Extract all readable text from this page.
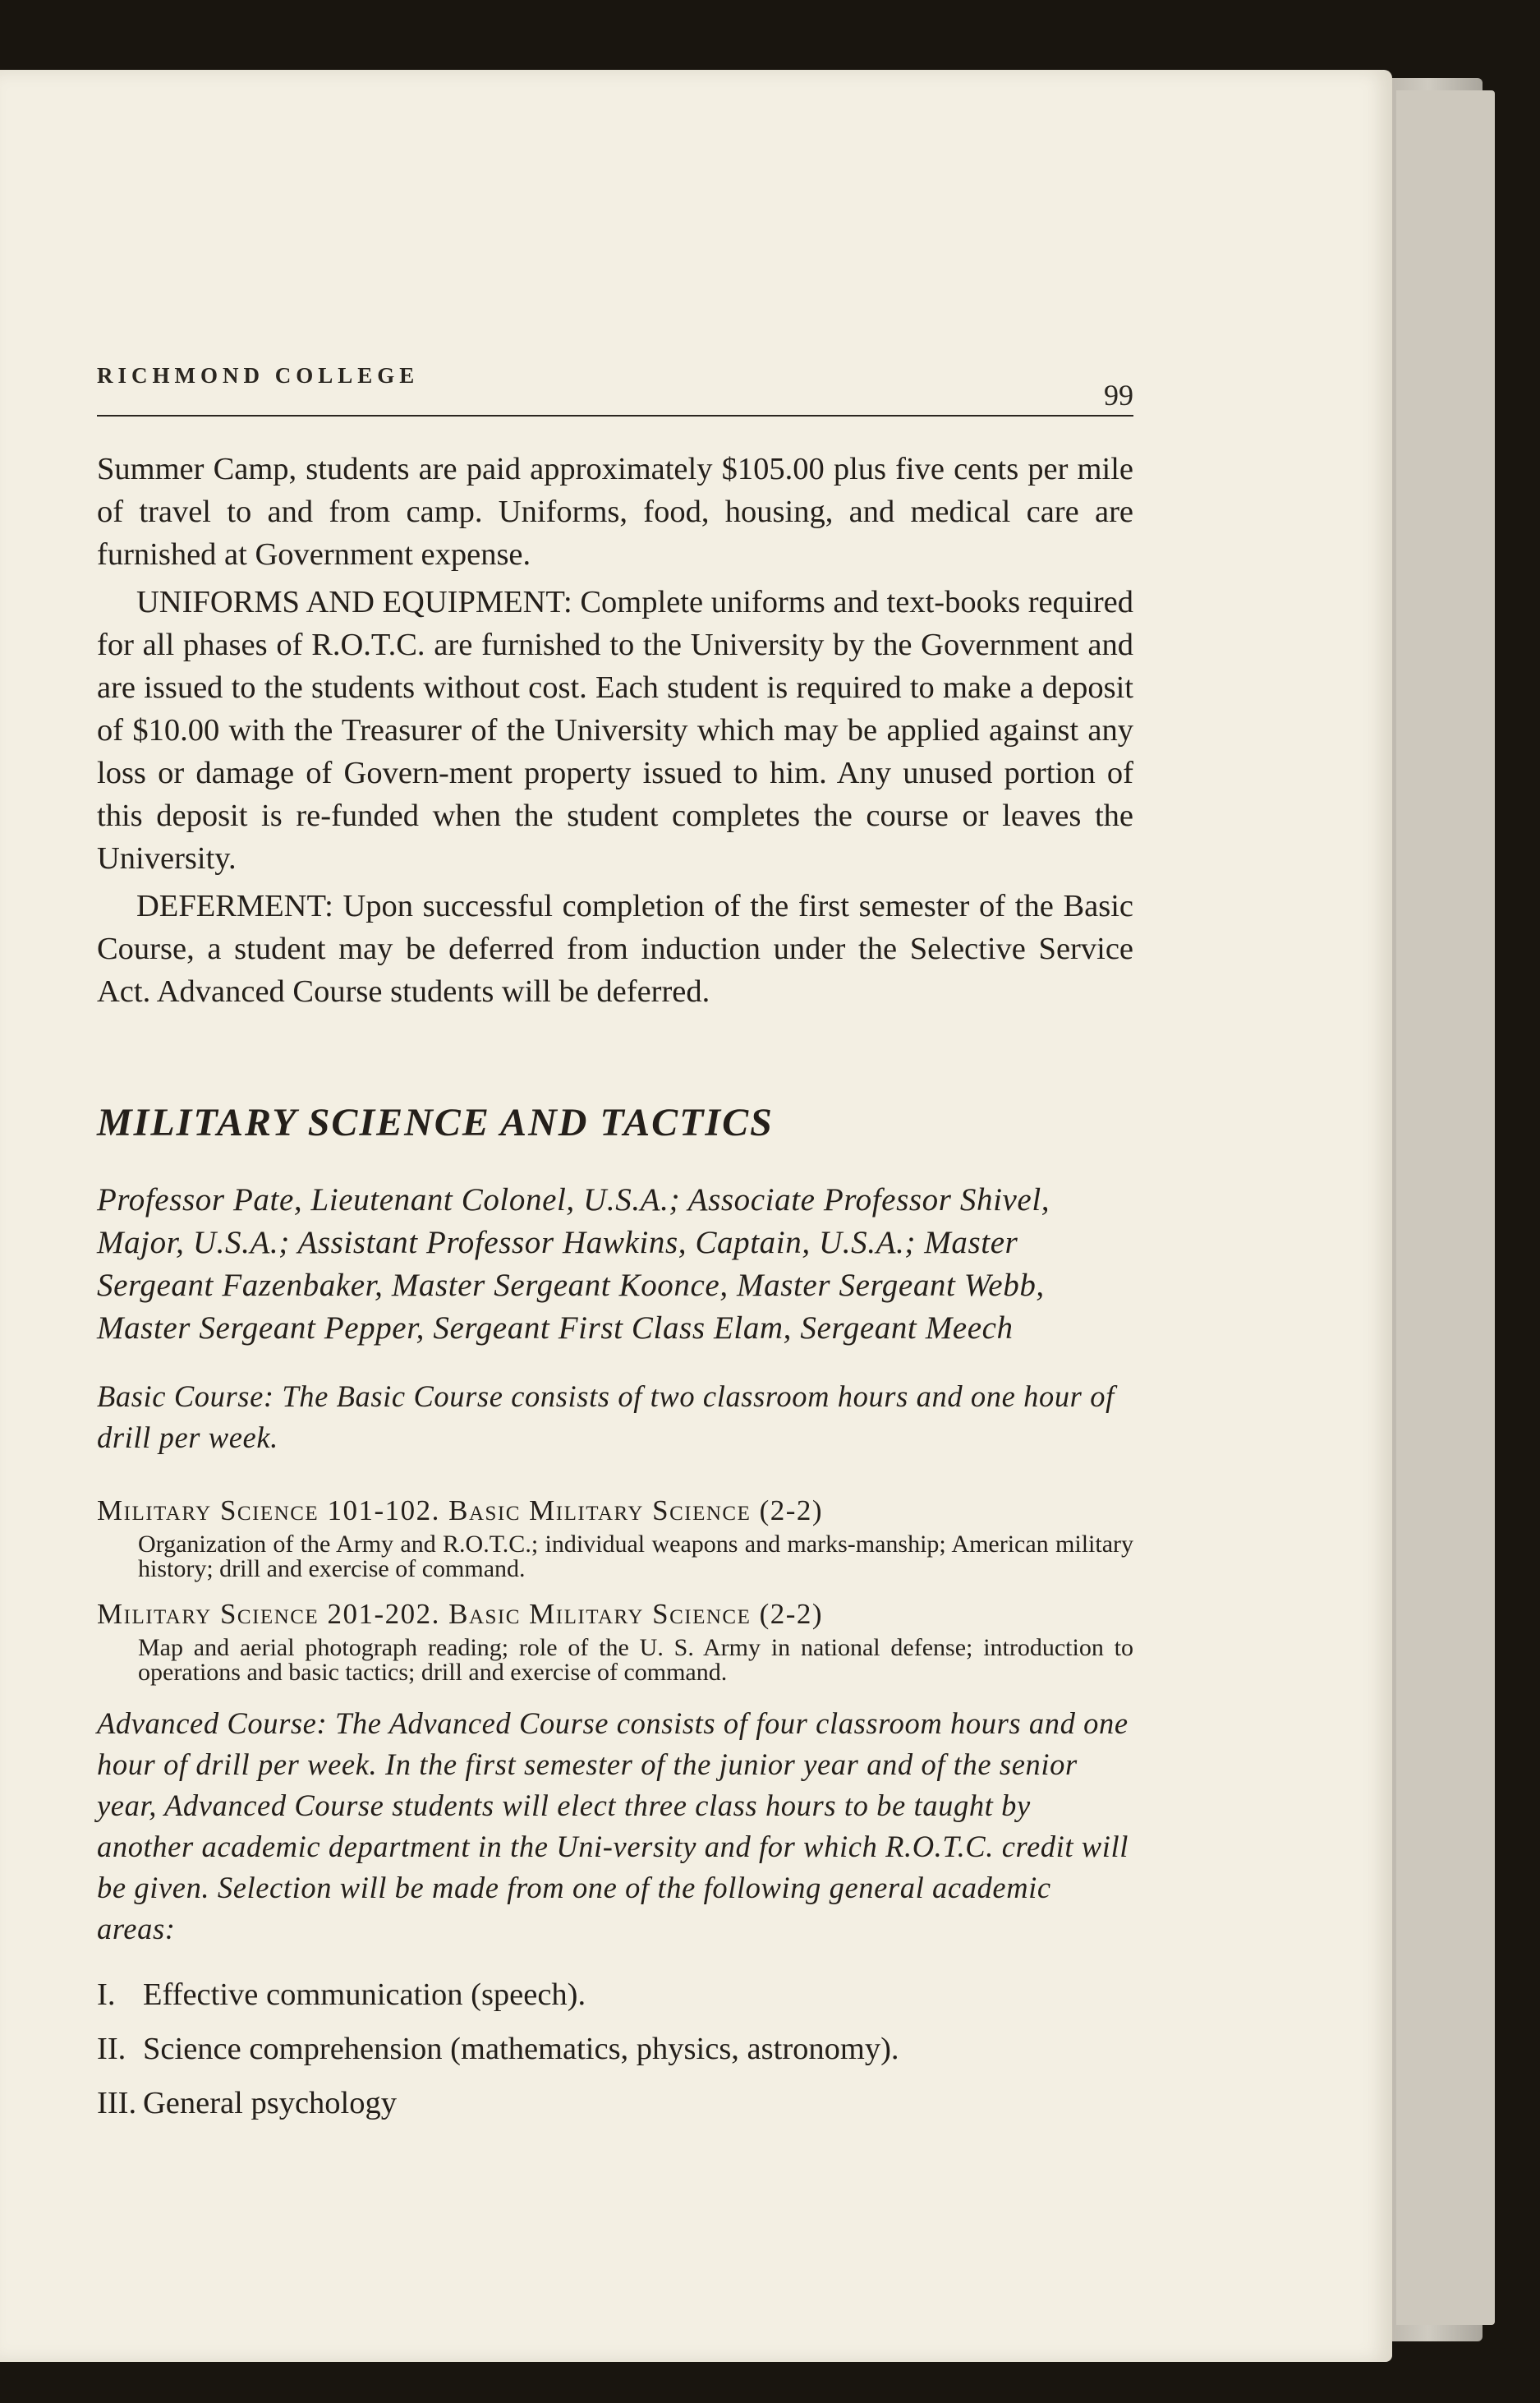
RICHMOND COLLEGE
99

Summer Camp, students are paid approximately $105.00 plus five cents per mile of travel to and from camp. Uniforms, food, housing, and medical care are furnished at Government expense.

UNIFORMS AND EQUIPMENT: Complete uniforms and text-books required for all phases of R.O.T.C. are furnished to the University by the Government and are issued to the students without cost. Each student is required to make a deposit of $10.00 with the Treasurer of the University which may be applied against any loss or damage of Govern-ment property issued to him. Any unused portion of this deposit is re-funded when the student completes the course or leaves the University.

DEFERMENT: Upon successful completion of the first semester of the Basic Course, a student may be deferred from induction under the Selective Service Act. Advanced Course students will be deferred.

MILITARY SCIENCE AND TACTICS

Professor Pate, Lieutenant Colonel, U.S.A.; Associate Professor Shivel, Major, U.S.A.; Assistant Professor Hawkins, Captain, U.S.A.; Master Sergeant Fazenbaker, Master Sergeant Koonce, Master Sergeant Webb, Master Sergeant Pepper, Sergeant First Class Elam, Sergeant Meech

Basic Course: The Basic Course consists of two classroom hours and one hour of drill per week.

Military Science 101-102. Basic Military Science (2-2)

Organization of the Army and R.O.T.C.; individual weapons and marks-manship; American military history; drill and exercise of command.

Military Science 201-202. Basic Military Science (2-2)

Map and aerial photograph reading; role of the U. S. Army in national defense; introduction to operations and basic tactics; drill and exercise of command.

Advanced Course: The Advanced Course consists of four classroom hours and one hour of drill per week. In the first semester of the junior year and of the senior year, Advanced Course students will elect three class hours to be taught by another academic department in the Uni-versity and for which R.O.T.C. credit will be given. Selection will be made from one of the following general academic areas:

I. Effective communication (speech).
II. Science comprehension (mathematics, physics, astronomy).
III. General psychology
